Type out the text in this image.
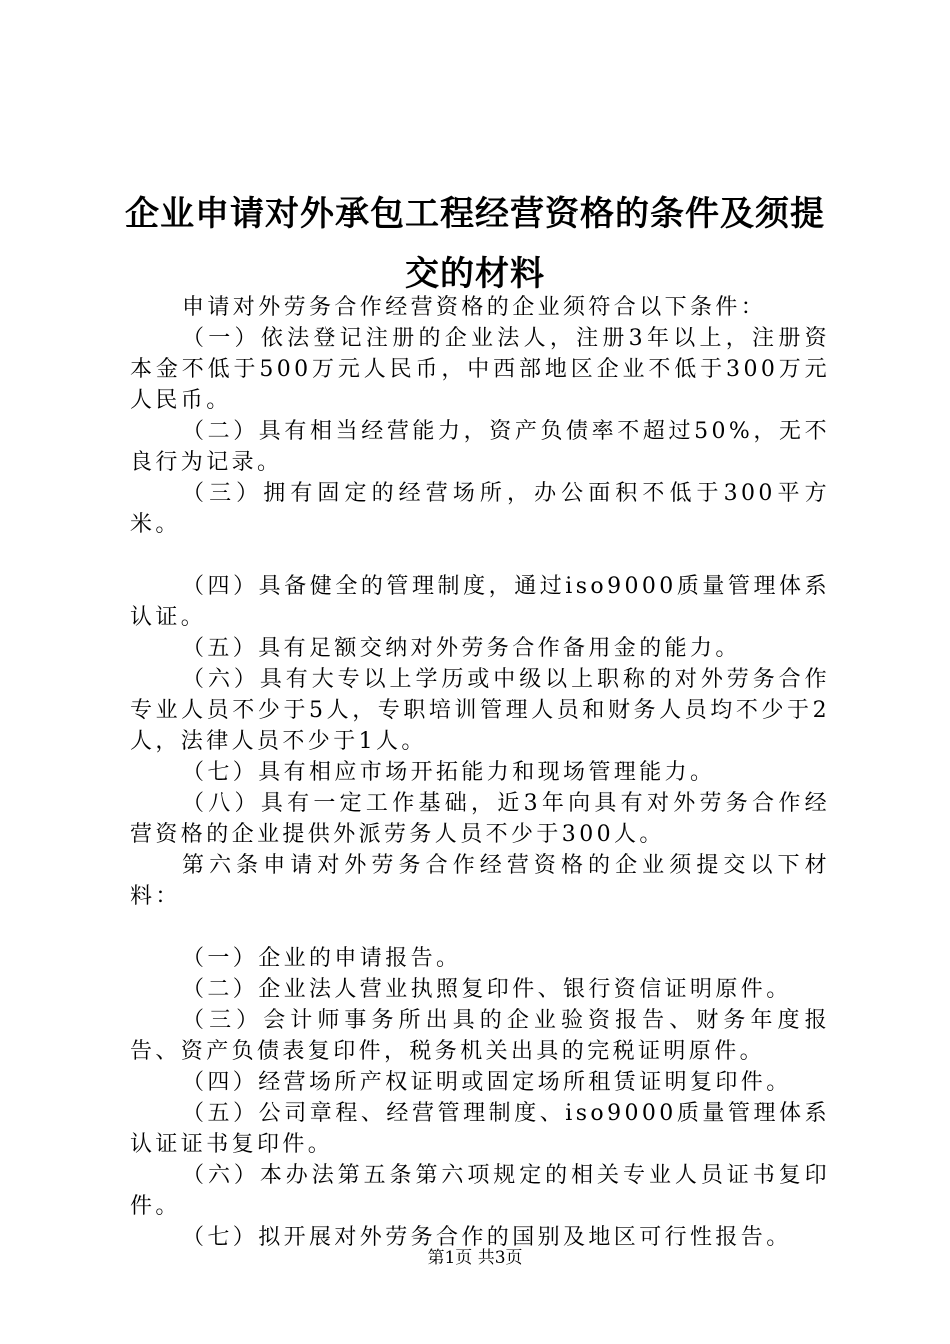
企业申请对外承包工程经营资格的条件及须提
交的材料

申请对外劳务合作经营资格的企业须符合以下条件：

（一）依法登记注册的企业法人，注册3年以上，注册资本金不低于500万元人民币，中西部地区企业不低于300万元人民币。

（二）具有相当经营能力，资产负债率不超过50%，无不良行为记录。

（三）拥有固定的经营场所，办公面积不低于300平方米。

（四）具备健全的管理制度，通过iso9000质量管理体系认证。

（五）具有足额交纳对外劳务合作备用金的能力。

（六）具有大专以上学历或中级以上职称的对外劳务合作专业人员不少于5人，专职培训管理人员和财务人员均不少于2人，法律人员不少于1人。

（七）具有相应市场开拓能力和现场管理能力。

（八）具有一定工作基础，近3年向具有对外劳务合作经营资格的企业提供外派劳务人员不少于300人。

第六条申请对外劳务合作经营资格的企业须提交以下材料：

（一）企业的申请报告。

（二）企业法人营业执照复印件、银行资信证明原件。

（三）会计师事务所出具的企业验资报告、财务年度报告、资产负债表复印件，税务机关出具的完税证明原件。

（四）经营场所产权证明或固定场所租赁证明复印件。

（五）公司章程、经营管理制度、iso9000质量管理体系认证证书复印件。

（六）本办法第五条第六项规定的相关专业人员证书复印件。

（七）拟开展对外劳务合作的国别及地区可行性报告。

第1页 共3页
